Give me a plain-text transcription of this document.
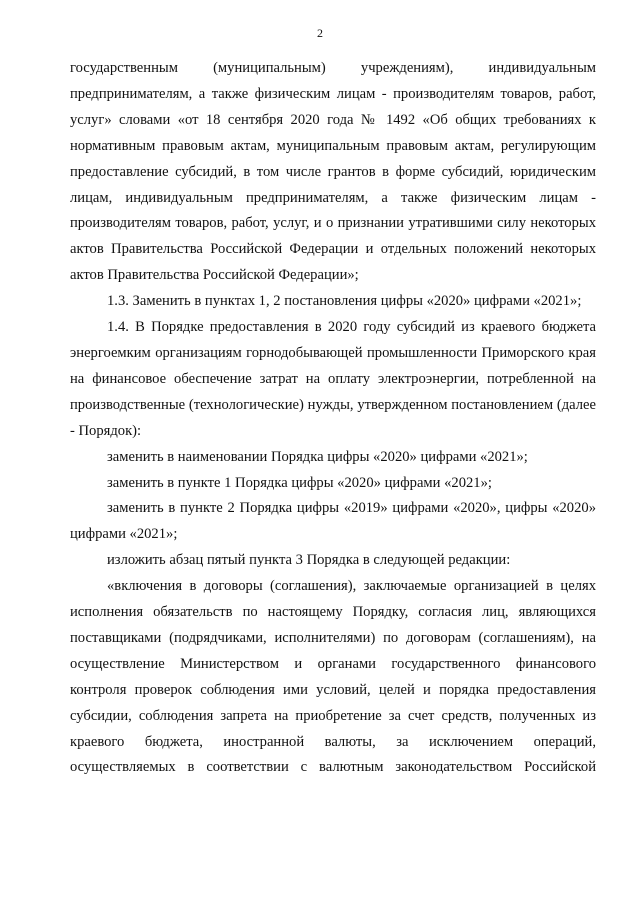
2

государственным (муниципальным) учреждениям), индивидуальным предпринимателям, а также физическим лицам - производителям товаров, работ, услуг» словами «от 18 сентября 2020 года № 1492 «Об общих требованиях к нормативным правовым актам, муниципальным правовым актам, регулирующим предоставление субсидий, в том числе грантов в форме субсидий, юридическим лицам, индивидуальным предпринимателям, а также физическим лицам - производителям товаров, работ, услуг, и о признании утратившими силу некоторых актов Правительства Российской Федерации и отдельных положений некоторых актов Правительства Российской Федерации»;

1.3. Заменить в пунктах 1, 2 постановления цифры «2020» цифрами «2021»;

1.4. В Порядке предоставления в 2020 году субсидий из краевого бюджета энергоемким организациям горнодобывающей промышленности Приморского края на финансовое обеспечение затрат на оплату электроэнергии, потребленной на производственные (технологические) нужды, утвержденном постановлением (далее - Порядок):

заменить в наименовании Порядка цифры «2020» цифрами «2021»;

заменить в пункте 1 Порядка цифры «2020» цифрами «2021»;

заменить в пункте 2 Порядка цифры «2019» цифрами «2020», цифры «2020» цифрами «2021»;

изложить абзац пятый пункта 3 Порядка в следующей редакции:

«включения в договоры (соглашения), заключаемые организацией в целях исполнения обязательств по настоящему Порядку, согласия лиц, являющихся поставщиками (подрядчиками, исполнителями) по договорам (соглашениям), на осуществление Министерством и органами государственного финансового контроля проверок соблюдения ими условий, целей и порядка предоставления субсидии, соблюдения запрета на приобретение за счет средств, полученных из краевого бюджета, иностранной валюты, за исключением операций, осуществляемых в соответствии с валютным законодательством Российской
